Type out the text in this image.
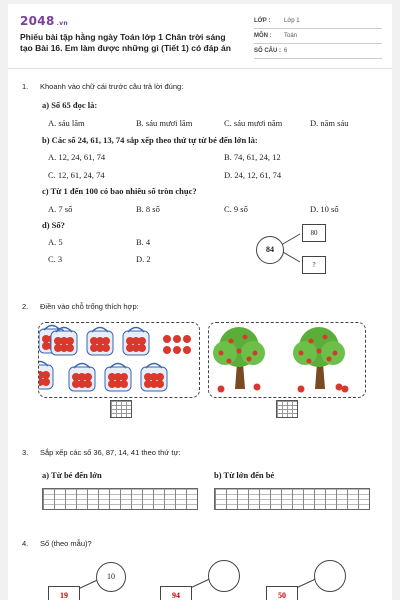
2048 .vn
Phiếu bài tập hằng ngày Toán lớp 1 Chân trời sáng tạo Bài 16. Em làm được những gì (Tiết 1) có đáp án
LỚP : Lớp 1
MÔN : Toán
SỐ CÂU : 6
1. Khoanh vào chữ cái trước câu trả lời đúng:
a) Số 65 đọc là:
A. sáu lăm	B. sáu mươi lăm	C. sáu mươi năm	D. năm sáu
b) Các số 24, 61, 13, 74 sắp xếp theo thứ tự từ bé đến lớn là:
A. 12, 24, 61, 74	B. 74, 61, 24, 12
C. 12, 61, 24, 74	D. 24, 12, 61, 74
c) Từ 1 đến 100 có bao nhiêu số tròn chục?
A. 7 số	B. 8 số	C. 9 số	D. 10 số
d) Số?
A. 5	B. 4
C. 3	D. 2
84
80
?
2. Điền vào chỗ trống thích hợp:
3. Sắp xếp các số 36, 87, 14, 41 theo thứ tự:
a) Từ bé đến lớn	b) Từ lớn đến bé
4. Số (theo mẫu)?
10
19	94	50
